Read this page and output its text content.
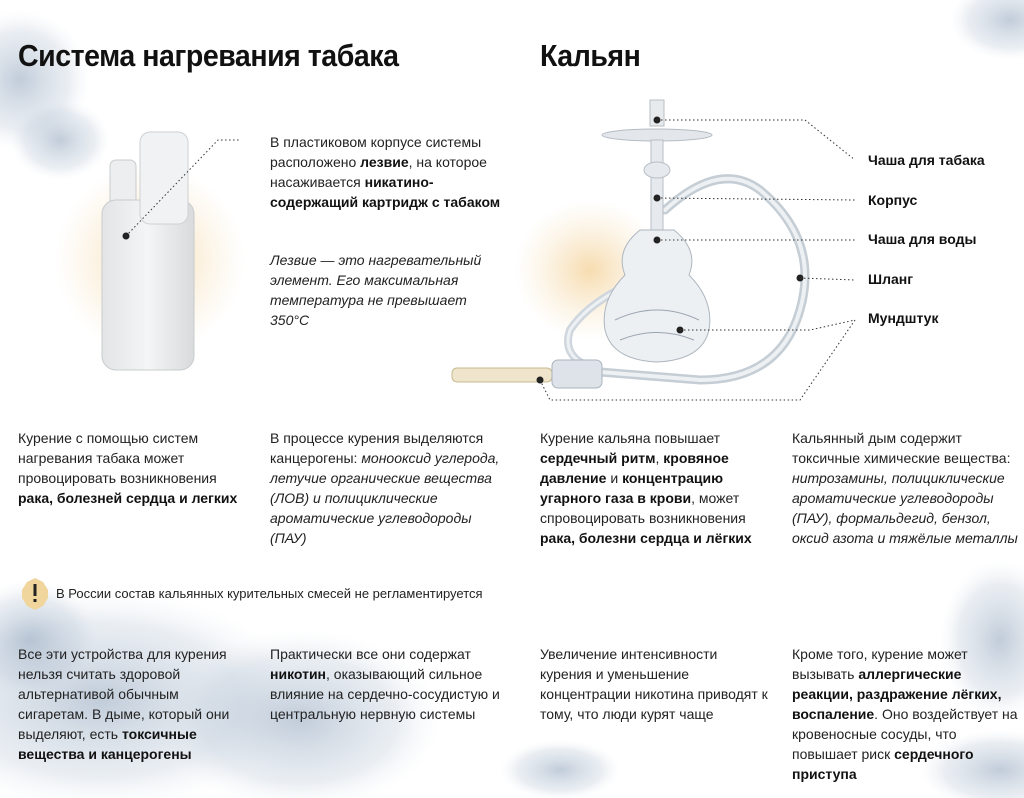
Система нагревания табака	Кальян
В пластиковом корпусе системы расположено лезвие, на которое насаживается никатино-содержащий картридж с табаком
Лезвие — это нагревательный элемент. Его максимальная температура не превышает 350°C
Чаша для табака
Корпус
Чаша для воды
Шланг
Мундштук
Курение с помощью систем нагревания табака может провоцировать возникновения рака, болезней сердца и легких
В процессе курения выделяются канцерогены: монооксид углерода, летучие органические вещества (ЛОВ) и полициклические ароматические углеводороды (ПАУ)
Курение кальяна повышает сердечный ритм, кровяное давление и концентрацию угарного газа в крови, может спровоцировать возникновения рака, болезни сердца и лёгких
Кальянный дым содержит токсичные химические вещества: нитрозамины, полициклические ароматические углеводороды (ПАУ), формальдегид, бензол, оксид азота и тяжёлые металлы
В России состав кальянных курительных смесей не регламентируется
Все эти устройства для курения нельзя считать здоровой альтернативой обычным сигаретам. В дыме, который они выделяют, есть токсичные вещества и канцерогены
Практически все они содержат никотин, оказывающий сильное влияние на сердечно-сосудистую и центральную нервную системы
Увеличение интенсивности курения и уменьшение концентрации никотина приводят к тому, что люди курят чаще
Кроме того, курение может вызывать аллергические реакции, раздражение лёгких, воспаление. Оно воздействует на кровеносные сосуды, что повышает риск сердечного приступа
